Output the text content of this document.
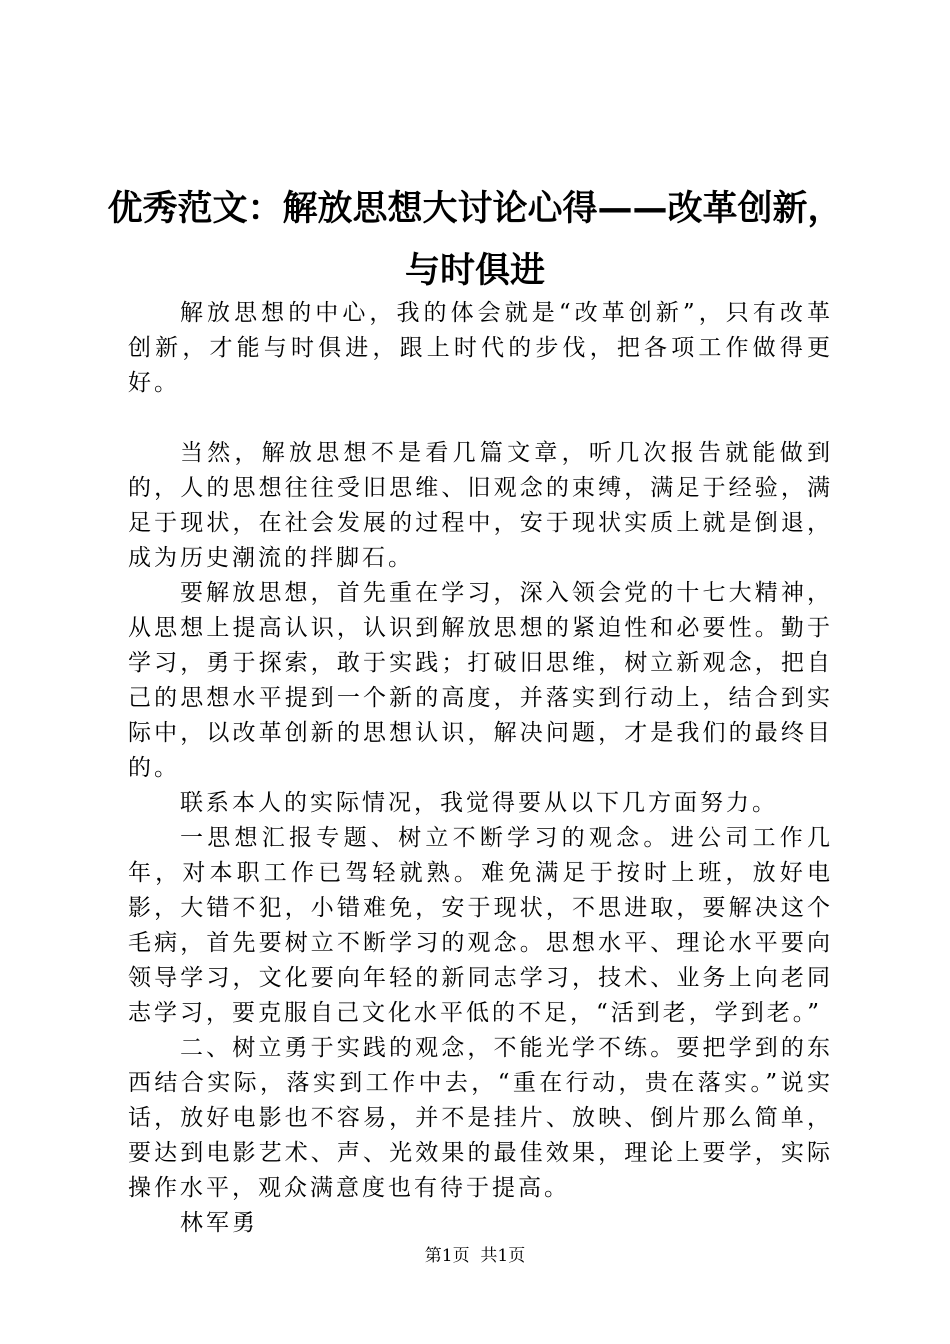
优秀范文：解放思想大讨论心得——改革创新，
与时俱进

解放思想的中心，我的体会就是“改革创新”，只有改革创新，才能与时俱进，跟上时代的步伐，把各项工作做得更好。

当然，解放思想不是看几篇文章，听几次报告就能做到的，人的思想往往受旧思维、旧观念的束缚，满足于经验，满足于现状，在社会发展的过程中，安于现状实质上就是倒退，成为历史潮流的拌脚石。

要解放思想，首先重在学习，深入领会党的十七大精神，从思想上提高认识，认识到解放思想的紧迫性和必要性。勤于学习，勇于探索，敢于实践；打破旧思维，树立新观念，把自己的思想水平提到一个新的高度，并落实到行动上，结合到实际中，以改革创新的思想认识，解决问题，才是我们的最终目的。

联系本人的实际情况，我觉得要从以下几方面努力。

一思想汇报专题、树立不断学习的观念。进公司工作几年，对本职工作已驾轻就熟。难免满足于按时上班，放好电影，大错不犯，小错难免，安于现状，不思进取，要解决这个毛病，首先要树立不断学习的观念。思想水平、理论水平要向领导学习，文化要向年轻的新同志学习，技术、业务上向老同志学习，要克服自己文化水平低的不足，“活到老，学到老。”

二、树立勇于实践的观念，不能光学不练。要把学到的东西结合实际，落实到工作中去，“重在行动，贵在落实。”说实话，放好电影也不容易，并不是挂片、放映、倒片那么简单，要达到电影艺术、声、光效果的最佳效果，理论上要学，实际操作水平，观众满意度也有待于提高。

林军勇

第1页  共1页
